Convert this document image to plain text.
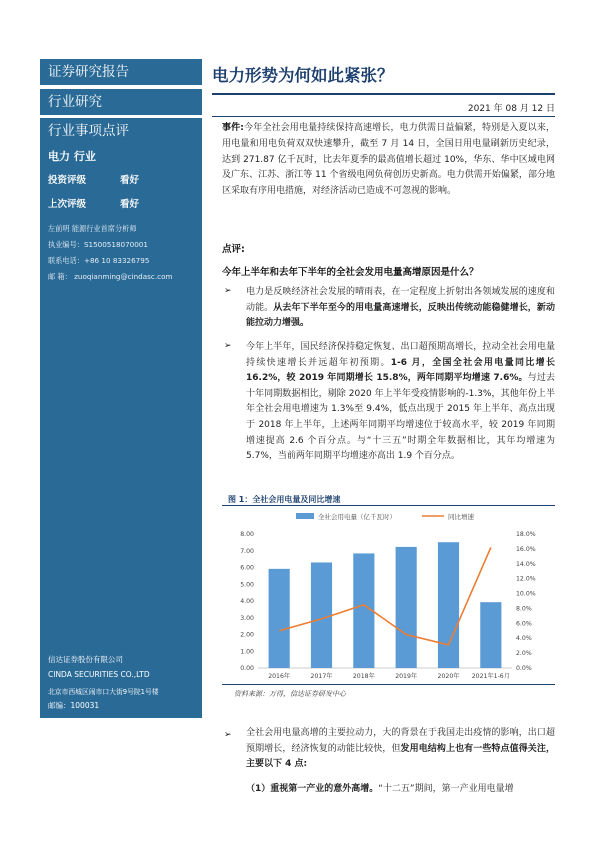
证券研究报告
行业研究
行业事项点评
电力 行业
投资评级	看好
上次评级	看好
左前明 能源行业首席分析师
执业编号：S1500518070001
联系电话：+86 10 83326795
邮 箱： zuoqianming@cindasc.com
信达证券股份有限公司
CINDA SECURITIES CO.,LTD
北京市西城区闹市口大街9号院1号楼
邮编：100031
电力形势为何如此紧张？
2021 年 08 月 12 日
事件:今年全社会用电量持续保持高速增长，电力供需日益偏紧，特别是入夏以来，用电量和用电负荷双双快速攀升，截至 7 月 14 日，全国日用电量刷新历史纪录，达到 271.87 亿千瓦时，比去年夏季的最高值增长超过 10%，华东、华中区域电网及广东、江苏、浙江等 11 个省级电网负荷创历史新高。电力供需开始偏紧，部分地区采取有序用电措施，对经济活动已造成不可忽视的影响。
点评:
今年上半年和去年下半年的全社会发用电量高增原因是什么？
➢ 电力是反映经济社会发展的晴雨表，在一定程度上折射出各领域发展的速度和动能。从去年下半年至今的用电量高速增长，反映出传统动能稳健增长，新动能拉动力增强。
➢ 今年上半年，国民经济保持稳定恢复、出口超预期高增长，拉动全社会用电量持续快速增长并远超年初预期。1-6 月，全国全社会用电量同比增长 16.2%，较 2019 年同期增长 15.8%，两年同期平均增速 7.6%。与过去十年同期数据相比，剔除 2020 年上半年受疫情影响的-1.3%，其他年份上半年全社会用电增速为 1.3%至 9.4%，低点出现于 2015 年上半年、高点出现于 2018 年上半年，上述两年同期平均增速位于较高水平，较 2019 年同期增速提高 2.6 个百分点。与“十三五”时期全年数据相比，其年均增速为 5.7%，当前两年同期平均增速亦高出 1.9 个百分点。
图 1：全社会用电量及同比增速
0.00
1.00
2.00
3.00
4.00
5.00
6.00
7.00
8.00
0.0%
2.0%
4.0%
6.0%
8.0%
10.0%
12.0%
14.0%
16.0%
18.0%
2016年	2017年	2018年	2019年	2020年 2021年1-6月
全社会用电量（亿千瓦时）	同比增速
资料来源：万得，信达证券研发中心
➢ 全社会用电量高增的主要拉动力，大的背景在于我国走出疫情的影响，出口超预期增长，经济恢复的动能比较快，但发用电结构上也有一些特点值得关注，主要以下 4 点:
（1）重视第一产业的意外高增。“十二五”期间，第一产业用电量增
